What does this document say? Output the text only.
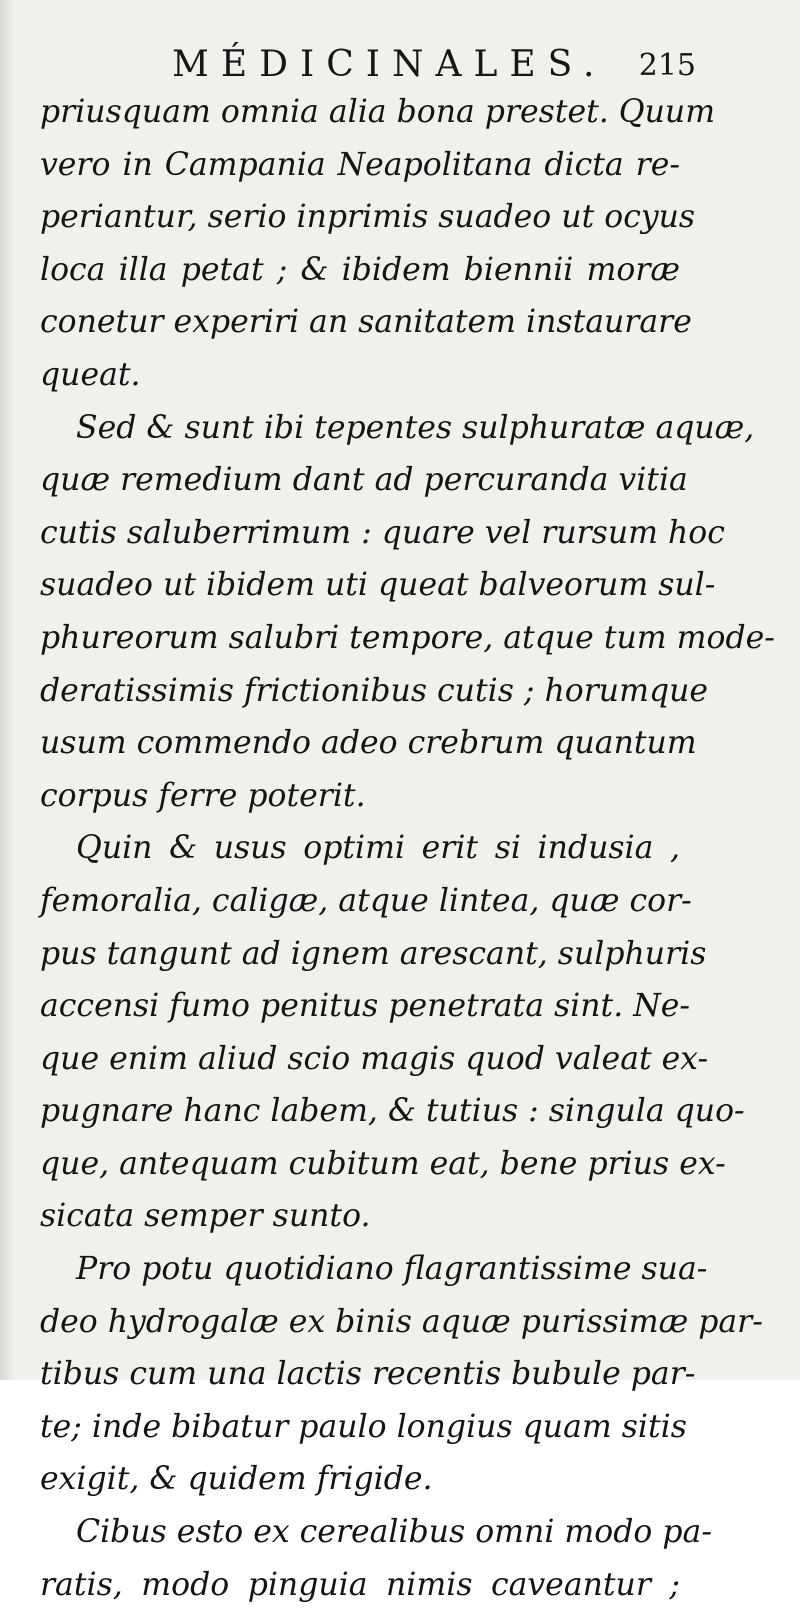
MÉDICINALES. 215
priusquam omnia alia bona prestet. Quum
vero in Campania Neapolitana dicta re-
periantur, serio inprimis suadeo ut ocyus
loca illa petat ; & ibidem biennii moræ
conetur experiri an sanitatem instaurare
queat.
Sed & sunt ibi tepentes sulphuratæ aquæ,
quæ remedium dant ad percuranda vitia
cutis saluberrimum : quare vel rursum hoc
suadeo ut ibidem uti queat balveorum sul-
phureorum salubri tempore, atque tum mode-
deratissimis frictionibus cutis ; horumque
usum commendo adeo crebrum quantum
corpus ferre poterit.
Quin & usus optimi erit si indusia ,
femoralia, caligæ, atque lintea, quæ cor-
pus tangunt ad ignem arescant, sulphuris
accensi fumo penitus penetrata sint. Ne-
que enim aliud scio magis quod valeat ex-
pugnare hanc labem, & tutius : singula quo-
que, antequam cubitum eat, bene prius ex-
sicata semper sunto.
Pro potu quotidiano flagrantissime sua-
deo hydrogalæ ex binis aquæ purissimæ par-
tibus cum una lactis recentis bubule par-
te; inde bibatur paulo longius quam sitis
exigit, & quidem frigide.
Cibus esto ex cerealibus omni modo pa-
ratis, modo pinguia nimis caveantur ;
